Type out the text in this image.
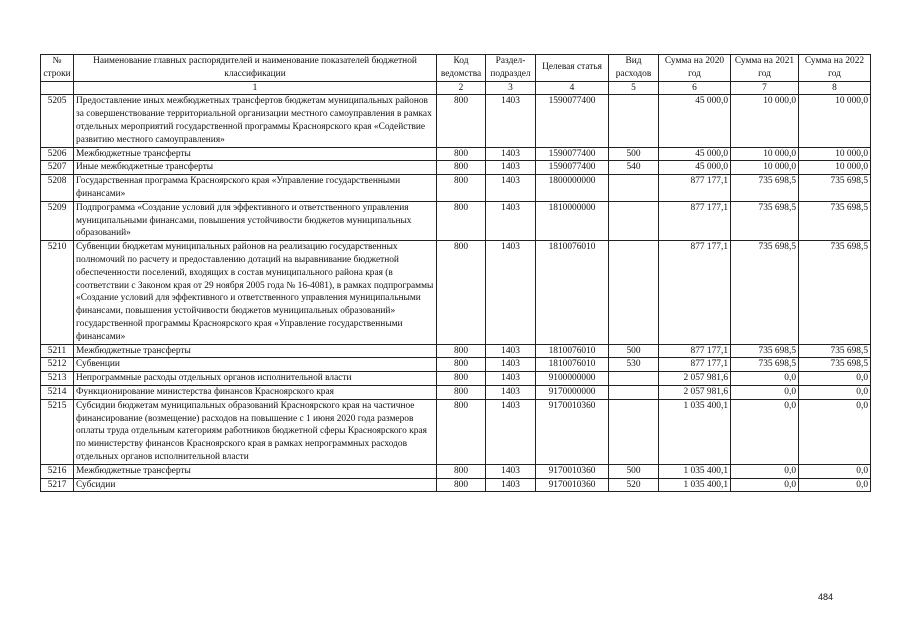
№ строки	Наименование главных распорядителей и наименование показателей бюджетной классификации	Код ведомства	Раздел-подраздел	Целевая статья	Вид расходов	Сумма на 2020 год	Сумма на 2021 год	Сумма на 2022 год
	1	2	3	4	5	6	7	8
5205	Предоставление иных межбюджетных трансфертов бюджетам муниципальных районов за совершенствование территориальной организации местного самоуправления в рамках отдельных мероприятий государственной программы Красноярского края «Содействие развитию местного самоуправления»	800	1403	1590077400		45 000,0	10 000,0	10 000,0
5206	Межбюджетные трансферты	800	1403	1590077400	500	45 000,0	10 000,0	10 000,0
5207	Иные межбюджетные трансферты	800	1403	1590077400	540	45 000,0	10 000,0	10 000,0
5208	Государственная программа Красноярского края «Управление государственными финансами»	800	1403	1800000000		877 177,1	735 698,5	735 698,5
5209	Подпрограмма «Создание условий для эффективного и ответственного управления муниципальными финансами, повышения устойчивости бюджетов муниципальных образований»	800	1403	1810000000		877 177,1	735 698,5	735 698,5
5210	Субвенции бюджетам муниципальных районов на реализацию государственных полномочий по расчету и предоставлению дотаций на выравнивание бюджетной обеспеченности поселений, входящих в состав муниципального района края (в соответствии с Законом края от 29 ноября 2005 года № 16-4081), в рамках подпрограммы «Создание условий для эффективного и ответственного управления муниципальными финансами, повышения устойчивости бюджетов муниципальных образований» государственной программы Красноярского края «Управление государственными финансами»	800	1403	1810076010		877 177,1	735 698,5	735 698,5
5211	Межбюджетные трансферты	800	1403	1810076010	500	877 177,1	735 698,5	735 698,5
5212	Субвенции	800	1403	1810076010	530	877 177,1	735 698,5	735 698,5
5213	Непрограммные расходы отдельных органов исполнительной власти	800	1403	9100000000		2 057 981,6	0,0	0,0
5214	Функционирование министерства финансов Красноярского края	800	1403	9170000000		2 057 981,6	0,0	0,0
5215	Субсидии бюджетам муниципальных образований Красноярского края на частичное финансирование (возмещение) расходов на повышение с 1 июня 2020 года размеров оплаты труда отдельным категориям работников бюджетной сферы Красноярского края по министерству финансов Красноярского края в рамках непрограммных расходов отдельных органов исполнительной власти	800	1403	9170010360		1 035 400,1	0,0	0,0
5216	Межбюджетные трансферты	800	1403	9170010360	500	1 035 400,1	0,0	0,0
5217	Субсидии	800	1403	9170010360	520	1 035 400,1	0,0	0,0
484
